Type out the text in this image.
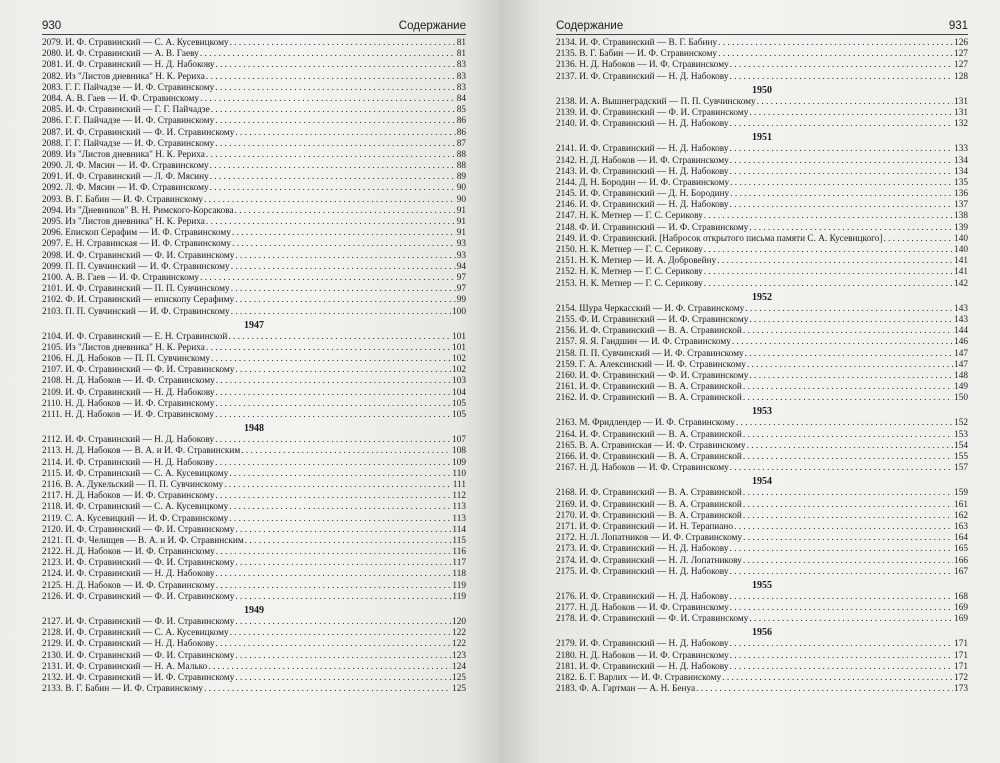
930	Содержание
2079. И. Ф. Стравинский — С. А. Кусевицкому . . .	81
2080. И. Ф. Стравинский — А. В. Гаеву . . .	81
2081. И. Ф. Стравинский — Н. Д. Набокову . . .	83
2082. Из "Листов дневника" Н. К. Рериха . . .	83
2083. Г. Г. Пайчадзе — И. Ф. Стравинскому . . .	83
2084. А. В. Гаев — И. Ф. Стравинскому . . .	84
2085. И. Ф. Стравинский — Г. Г. Пайчадзе . . .	85
2086. Г. Г. Пайчадзе — И. Ф. Стравинскому . . .	86
2087. И. Ф. Стравинский — Ф. И. Стравинскому . . .	86
2088. Г. Г. Пайчадзе — И. Ф. Стравинскому . . .	87
2089. Из "Листов дневника" Н. К. Рериха . . .	88
2090. Л. Ф. Мясин — И. Ф. Стравинскому . . .	88
2091. И. Ф. Стравинский — Л. Ф. Мясину . . .	89
2092. Л. Ф. Мясин — И. Ф. Стравинскому . . .	90
2093. В. Г. Бабин — И. Ф. Стравинскому . . .	90
2094. Из "Дневников" В. Н. Римского-Корсакова . . .	91
2095. Из "Листов дневника" Н. К. Рериха . . .	91
2096. Епископ Серафим — И. Ф. Стравинскому . . .	91
2097. Е. Н. Стравинская — И. Ф. Стравинскому . . .	93
2098. И. Ф. Стравинский — Ф. И. Стравинскому . . .	93
2099. П. П. Сувчинский — И. Ф. Стравинскому . . .	94
2100. А. В. Гаев — И. Ф. Стравинскому . . .	97
2101. И. Ф. Стравинский — П. П. Сувчинскому . . .	97
2102. Ф. И. Стравинский — епископу Серафиму . . .	99
2103. П. П. Сувчинский — И. Ф. Стравинскому . . .	100
1947
2104. И. Ф. Стравинский — Е. Н. Стравинской . . .	101
2105. Из "Листов дневника" Н. К. Рериха . . .	101
2106. Н. Д. Набоков — П. П. Сувчинскому . . .	102
2107. И. Ф. Стравинский — Ф. И. Стравинскому . . .	102
2108. Н. Д. Набоков — И. Ф. Стравинскому . . .	103
2109. И. Ф. Стравинский — Н. Д. Набокову . . .	104
2110. Н. Д. Набоков — И. Ф. Стравинскому . . .	105
2111. Н. Д. Набоков — И. Ф. Стравинскому . . .	105
1948
2112. И. Ф. Стравинский — Н. Д. Набокову . . .	107
2113. Н. Д. Набоков — В. А. и И. Ф. Стравинским . . .	108
2114. И. Ф. Стравинский — Н. Д. Набокову . . .	109
2115. И. Ф. Стравинский — С. А. Кусевицкому . . .	110
2116. В. А. Дукельский — П. П. Сувчинскому . . .	111
2117. Н. Д. Набоков — И. Ф. Стравинскому . . .	112
2118. И. Ф. Стравинский — С. А. Кусевицкому . . .	113
2119. С. А. Кусевицкий — И. Ф. Стравинскому . . .	113
2120. И. Ф. Стравинский — Ф. И. Стравинскому . . .	114
2121. П. Ф. Челищев — В. А. и И. Ф. Стравинским . . .	115
2122. Н. Д. Набоков — И. Ф. Стравинскому . . .	116
2123. И. Ф. Стравинский — Ф. И. Стравинскому . . .	117
2124. И. Ф. Стравинский — Н. Д. Набокову . . .	118
2125. Н. Д. Набоков — И. Ф. Стравинскому . . .	119
2126. И. Ф. Стравинский — Ф. И. Стравинскому . . .	119
1949
2127. И. Ф. Стравинский — Ф. И. Стравинскому . . .	120
2128. И. Ф. Стравинский — С. А. Кусевицкому . . .	122
2129. И. Ф. Стравинский — Н. Д. Набокову . . .	122
2130. И. Ф. Стравинский — Ф. И. Стравинскому . . .	123
2131. И. Ф. Стравинский — Н. А. Малько . . .	124
2132. И. Ф. Стравинский — И. Ф. Стравинскому . . .	125
2133. В. Г. Бабин — И. Ф. Стравинскому . . .	125
Содержание	931
2134. И. Ф. Стравинский — В. Г. Бабину . . .	126
2135. В. Г. Бабин — И. Ф. Стравинскому . . .	127
2136. Н. Д. Набоков — И. Ф. Стравинскому . . .	127
2137. И. Ф. Стравинский — Н. Д. Набокову . . .	128
1950
2138. И. А. Вышнеградский — П. П. Сувчинскому . . .	131
2139. И. Ф. Стравинский — Ф. И. Стравинскому . . .	131
2140. И. Ф. Стравинский — Н. Д. Набокову . . .	132
1951
2141. И. Ф. Стравинский — Н. Д. Набокову . . .	133
2142. Н. Д. Набоков — И. Ф. Стравинскому . . .	134
2143. И. Ф. Стравинский — Н. Д. Набокову . . .	134
2144. Д. Н. Бородин — И. Ф. Стравинскому . . .	135
2145. И. Ф. Стравинский — Д. Н. Бородину . . .	136
2146. И. Ф. Стравинский — Н. Д. Набокову . . .	137
2147. Н. К. Метнер — Г. С. Серикову . . .	138
2148. Ф. И. Стравинский — И. Ф. Стравинскому . . .	139
2149. И. Ф. Стравинский. [Набросок открытого письма памяти С. А. Кусевицкого] . . .	140
2150. Н. К. Метнер — Г. С. Серикову . . .	140
2151. Н. К. Метнер — И. А. Добровейну . . .	141
2152. Н. К. Метнер — Г. С. Серикову . . .	141
2153. Н. К. Метнер — Г. С. Серикову . . .	142
1952
2154. Шура Черкасский — И. Ф. Стравинскому . . .	143
2155. Ф. И. Стравинский — И. Ф. Стравинскому . . .	143
2156. И. Ф. Стравинский — В. А. Стравинской . . .	144
2157. Я. Я. Гандшин — И. Ф. Стравинскому . . .	146
2158. П. П. Сувчинский — И. Ф. Стравинскому . . .	147
2159. Г. А. Алексинский — И. Ф. Стравинскому . . .	147
2160. И. Ф. Стравинский — Ф. И. Стравинскому . . .	148
2161. И. Ф. Стравинский — В. А. Стравинской . . .	149
2162. И. Ф. Стравинский — В. А. Стравинской . . .	150
1953
2163. М. Фридлендер — И. Ф. Стравинскому . . .	152
2164. И. Ф. Стравинский — В. А. Стравинской . . .	153
2165. В. А. Стравинская — И. Ф. Стравинскому . . .	154
2166. И. Ф. Стравинский — В. А. Стравинской . . .	155
2167. Н. Д. Набоков — И. Ф. Стравинскому . . .	157
1954
2168. И. Ф. Стравинский — В. А. Стравинской . . .	159
2169. И. Ф. Стравинский — В. А. Стравинской . . .	161
2170. И. Ф. Стравинский — В. А. Стравинской . . .	162
2171. И. Ф. Стравинский — И. Н. Терапиано . . .	163
2172. Н. Л. Лопатников — И. Ф. Стравинскому . . .	164
2173. И. Ф. Стравинский — Н. Д. Набокову . . .	165
2174. И. Ф. Стравинский — Н. Л. Лопатникову . . .	166
2175. И. Ф. Стравинский — Н. Д. Набокову . . .	167
1955
2176. И. Ф. Стравинский — Н. Д. Набокову . . .	168
2177. Н. Д. Набоков — И. Ф. Стравинскому . . .	169
2178. И. Ф. Стравинский — Ф. И. Стравинскому . . .	169
1956
2179. И. Ф. Стравинский — Н. Д. Набокову . . .	171
2180. Н. Д. Набоков — И. Ф. Стравинскому . . .	171
2181. И. Ф. Стравинский — Н. Д. Набокову . . .	171
2182. Б. Г. Варлих — И. Ф. Стравинскому . . .	172
2183. Ф. А. Гартман — А. Н. Бенуа . . .	173
